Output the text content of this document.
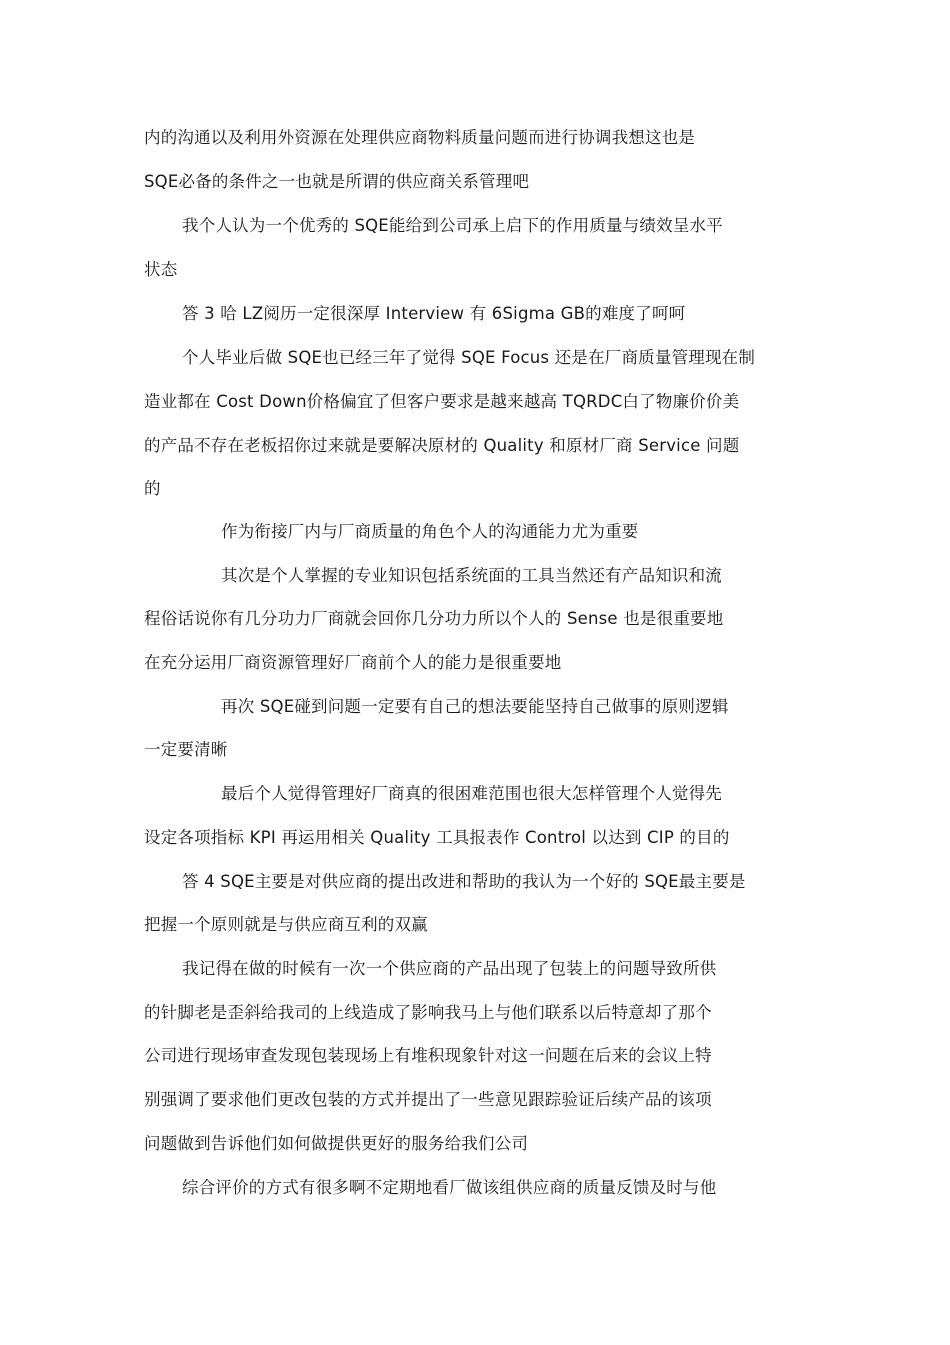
内的沟通以及利用外资源在处理供应商物料质量问题而进行协调我想这也是
SQE必备的条件之一也就是所谓的供应商关系管理吧
我个人认为一个优秀的 SQE能给到公司承上启下的作用质量与绩效呈水平
状态
答 3 哈 LZ阅历一定很深厚 Interview 有 6Sigma GB的难度了呵呵
个人毕业后做 SQE也已经三年了觉得 SQE Focus 还是在厂商质量管理现在制
造业都在 Cost Down价格偏宜了但客户要求是越来越高 TQRDC白了物廉价价美
的产品不存在老板招你过来就是要解决原材的 Quality 和原材厂商 Service 问题
的
作为衔接厂内与厂商质量的角色个人的沟通能力尤为重要
其次是个人掌握的专业知识包括系统面的工具当然还有产品知识和流
程俗话说你有几分功力厂商就会回你几分功力所以个人的 Sense 也是很重要地
在充分运用厂商资源管理好厂商前个人的能力是很重要地
再次 SQE碰到问题一定要有自己的想法要能坚持自己做事的原则逻辑
一定要清晰
最后个人觉得管理好厂商真的很困难范围也很大怎样管理个人觉得先
设定各项指标 KPI 再运用相关 Quality 工具报表作 Control 以达到 CIP 的目的
答 4 SQE主要是对供应商的提出改进和帮助的我认为一个好的 SQE最主要是
把握一个原则就是与供应商互利的双赢
我记得在做的时候有一次一个供应商的产品出现了包装上的问题导致所供
的针脚老是歪斜给我司的上线造成了影响我马上与他们联系以后特意却了那个
公司进行现场审查发现包装现场上有堆积现象针对这一问题在后来的会议上特
别强调了要求他们更改包装的方式并提出了一些意见跟踪验证后续产品的该项
问题做到告诉他们如何做提供更好的服务给我们公司
综合评价的方式有很多啊不定期地看厂做该组供应商的质量反馈及时与他
